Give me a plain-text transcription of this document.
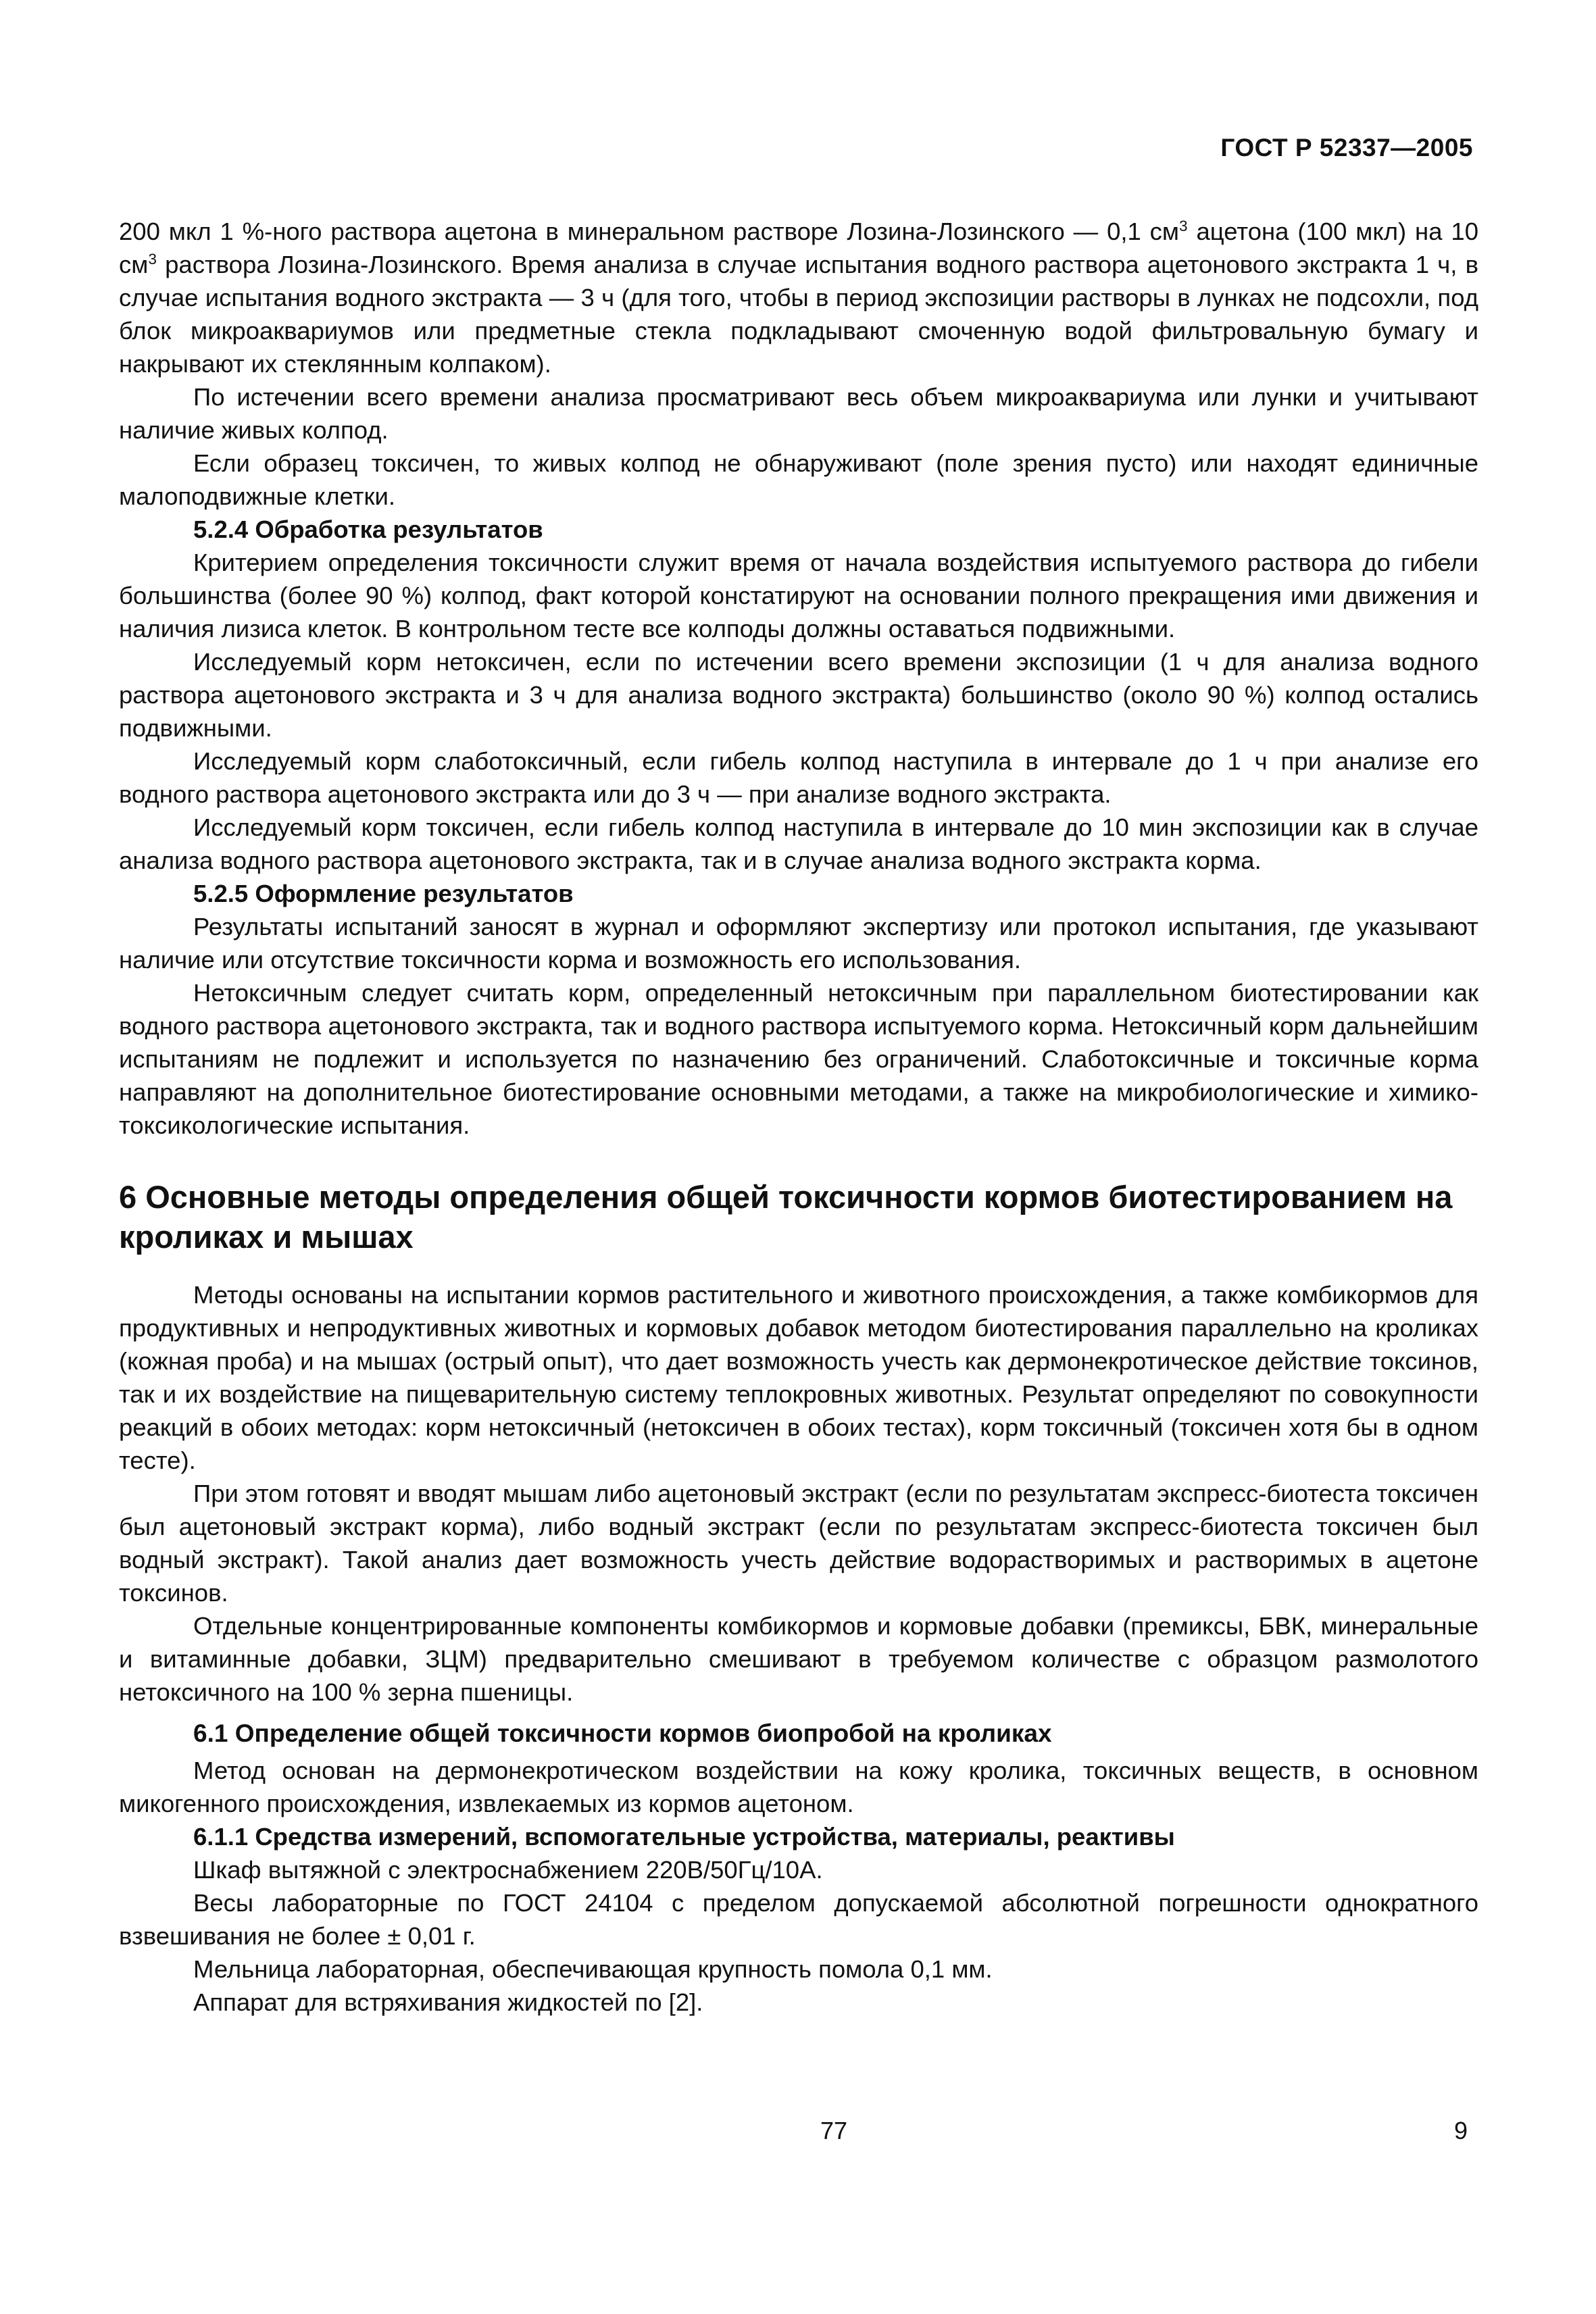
ГОСТ Р 52337—2005

200 мкл 1 %-ного раствора ацетона в минеральном растворе Лозина-Лозинского — 0,1 $см^3$ ацетона (100 мкл) на 10 $см^3$ раствора Лозина-Лозинского. Время анализа в случае испытания водного раствора ацетонового экстракта 1 ч, в случае испытания водного экстракта — 3 ч (для того, чтобы в период экспозиции растворы в лунках не подсохли, под блок микроаквариумов или предметные стекла подкладывают смоченную водой фильтровальную бумагу и накрывают их стеклянным колпаком).

По истечении всего времени анализа просматривают весь объем микроаквариума или лунки и учитывают наличие живых колпод.

Если образец токсичен, то живых колпод не обнаруживают (поле зрения пусто) или находят единичные малоподвижные клетки.

5.2.4 Обработка результатов

Критерием определения токсичности служит время от начала воздействия испытуемого раствора до гибели большинства (более 90 %) колпод, факт которой констатируют на основании полного прекращения ими движения и наличия лизиса клеток. В контрольном тесте все колподы должны оставаться подвижными.

Исследуемый корм нетоксичен, если по истечении всего времени экспозиции (1 ч для анализа водного раствора ацетонового экстракта и 3 ч для анализа водного экстракта) большинство (около 90 %) колпод остались подвижными.

Исследуемый корм слаботоксичный, если гибель колпод наступила в интервале до 1 ч при анализе его водного раствора ацетонового экстракта или до 3 ч — при анализе водного экстракта.

Исследуемый корм токсичен, если гибель колпод наступила в интервале до 10 мин экспозиции как в случае анализа водного раствора ацетонового экстракта, так и в случае анализа водного экстракта корма.

5.2.5 Оформление результатов

Результаты испытаний заносят в журнал и оформляют экспертизу или протокол испытания, где указывают наличие или отсутствие токсичности корма и возможность его использования.

Нетоксичным следует считать корм, определенный нетоксичным при параллельном биотестировании как водного раствора ацетонового экстракта, так и водного раствора испытуемого корма. Нетоксичный корм дальнейшим испытаниям не подлежит и используется по назначению без ограничений. Слаботоксичные и токсичные корма направляют на дополнительное биотестирование основными методами, а также на микробиологические и химико-токсикологические испытания.

6 Основные методы определения общей токсичности кормов биотестированием на кроликах и мышах

Методы основаны на испытании кормов растительного и животного происхождения, а также комбикормов для продуктивных и непродуктивных животных и кормовых добавок методом биотестирования параллельно на кроликах (кожная проба) и на мышах (острый опыт), что дает возможность учесть как дермонекротическое действие токсинов, так и их воздействие на пищеварительную систему теплокровных животных. Результат определяют по совокупности реакций в обоих методах: корм нетоксичный (нетоксичен в обоих тестах), корм токсичный (токсичен хотя бы в одном тесте).

При этом готовят и вводят мышам либо ацетоновый экстракт (если по результатам экспресс-биотеста токсичен был ацетоновый экстракт корма), либо водный экстракт (если по результатам экспресс-биотеста токсичен был водный экстракт). Такой анализ дает возможность учесть действие водорастворимых и растворимых в ацетоне токсинов.

Отдельные концентрированные компоненты комбикормов и кормовые добавки (премиксы, БВК, минеральные и витаминные добавки, ЗЦМ) предварительно смешивают в требуемом количестве с образцом размолотого нетоксичного на 100 % зерна пшеницы.

6.1 Определение общей токсичности кормов биопробой на кроликах

Метод основан на дермонекротическом воздействии на кожу кролика, токсичных веществ, в основном микогенного происхождения, извлекаемых из кормов ацетоном.

6.1.1 Средства измерений, вспомогательные устройства, материалы, реактивы

Шкаф вытяжной с электроснабжением 220В/50Гц/10А.

Весы лабораторные по ГОСТ 24104 с пределом допускаемой абсолютной погрешности однократного взвешивания не более ± 0,01 г.

Мельница лабораторная, обеспечивающая крупность помола 0,1 мм.

Аппарат для встряхивания жидкостей по [2].

77	9
